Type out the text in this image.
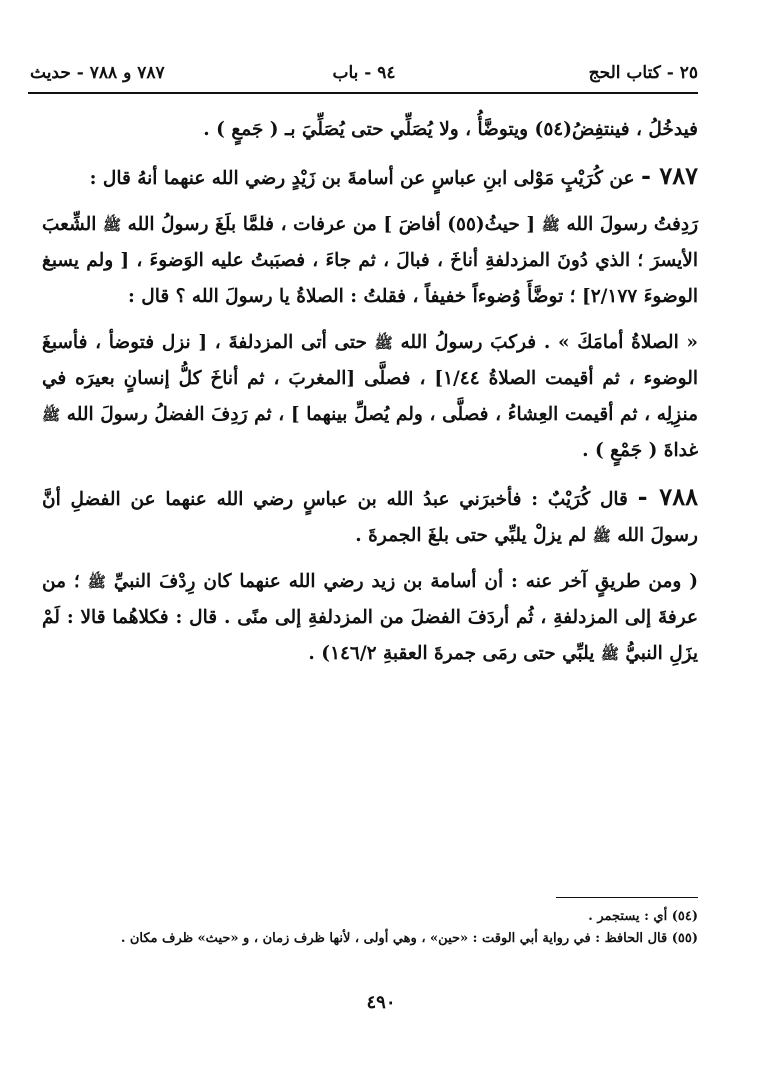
٢٥ - كتاب الحج
٩٤ - باب
٧٨٧ و ٧٨٨ - حديث

فيدخُلُ ، فينتفِضُ(٥٤) ويتوضَّأُ ، ولا يُصَلِّي حتى يُصَلِّيَ بـ ( جَمعٍ ) .

٧٨٧ - عن كُرَيْبٍ مَوْلى ابنِ عباسٍ عن أسامةَ بن زَيْدٍ رضي الله عنهما أنهُ قال :

رَدِفتُ رسولَ الله ﷺ [ حيثُ(٥٥) أفاضَ ] من عرفات ، فلمَّا بلَغَ رسولُ الله ﷺ الشِّعبَ الأيسرَ ؛ الذي دُونَ المزدلفةِ أناخَ ، فبالَ ، ثم جاءَ ، فصبَبتُ عليه الوَضوءَ ، [ ولم يسبغ الوضوءَ ٢/١٧٧] ؛ توضَّأَ وُضوءاً خفيفاً ، فقلتُ : الصلاةُ يا رسولَ الله ؟ قال :

« الصلاةُ أمامَكَ » . فركبَ رسولُ الله ﷺ حتى أتى المزدلفةَ ، [ نزل فتوضأ ، فأسبغَ الوضوء ، ثم أقيمت الصلاةُ ١/٤٤] ، فصلَّى [المغربَ ، ثم أناخَ كلُّ إنسانٍ بعيرَه في منزِلِه ، ثم أقيمت العِشاءُ ، فصلَّى ، ولم يُصلِّ بينهما ] ، ثم رَدِفَ الفضلُ رسولَ الله ﷺ غداةَ ( جَمْعٍ ) .

٧٨٨ - قال كُرَيْبٌ : فأخبرَني عبدُ الله بن عباسٍ رضي الله عنهما عن الفضلِ أنَّ رسولَ الله ﷺ لم يزلْ يلبِّي حتى بلغَ الجمرةَ .

( ومن طريقٍ آخر عنه : أن أسامة بن زيد رضي الله عنهما كان رِدْفَ النبيِّ ﷺ ؛ من عرفةَ إلى المزدلفةِ ، ثُم أردَفَ الفضلَ من المزدلفةِ إلى منًى . قال : فكلاهُما قالا : لَمْ يزَلِ النبيُّ ﷺ يلبِّي حتى رمَى جمرةَ العقبةِ ١٤٦/٢) .

(٥٤) أي : يستجمر .
(٥٥) قال الحافظ : في رواية أبي الوقت : «حين» ، وهي أولى ، لأنها ظرف زمان ، و «حيث» ظرف مكان .
٤٩٠
